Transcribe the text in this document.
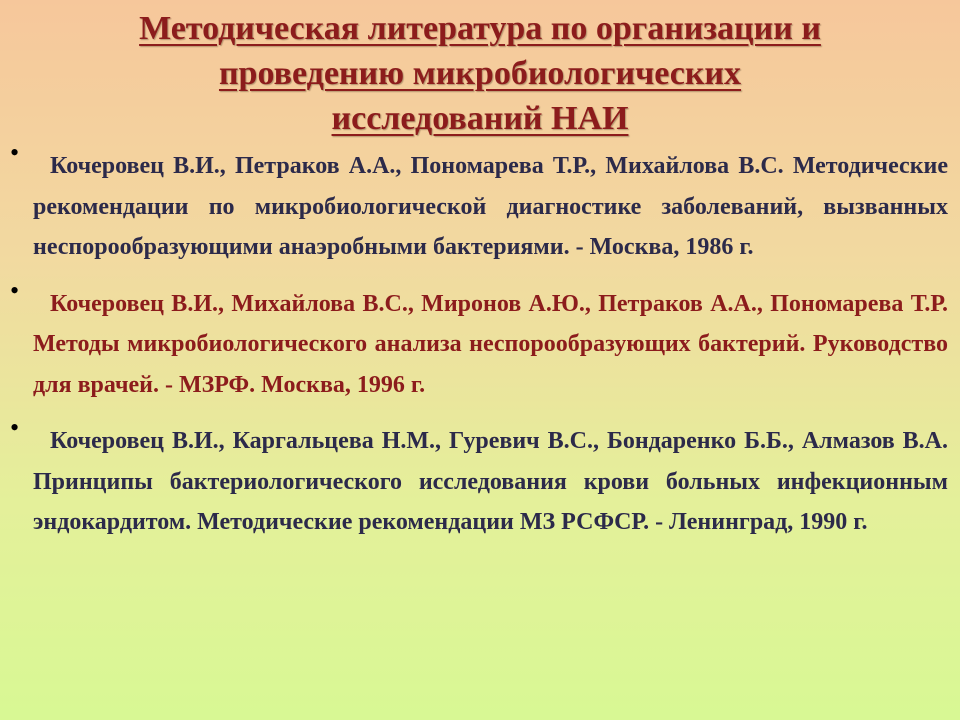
Методическая литература по организации и
проведению микробиологических
исследований НАИ
•	Кочеровец В.И., Петраков А.А., Пономарева Т.Р., Михайлова В.С. Методические рекомендации по микробиологической диагностике заболеваний, вызванных неспорообразующими анаэробными бактериями. - Москва, 1986 г.
•	Кочеровец В.И., Михайлова В.С., Миронов А.Ю., Петраков А.А., Пономарева Т.Р. Методы микробиологического анализа неспорообразующих бактерий. Руководство для врачей. - МЗРФ. Москва, 1996 г.
•	Кочеровец В.И., Каргальцева Н.М., Гуревич В.С., Бондаренко Б.Б., Алмазов В.А. Принципы бактериологического исследования крови больных инфекционным эндокардитом. Методические рекомендации МЗ РСФСР. - Ленинград, 1990 г.
